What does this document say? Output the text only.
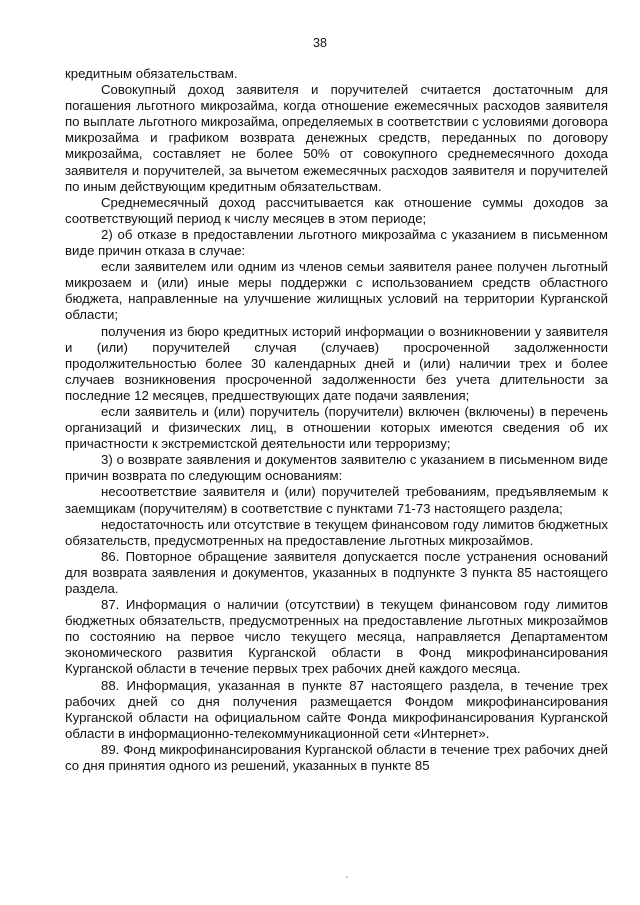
38

кредитным обязательствам.

Совокупный доход заявителя и поручителей считается достаточным для погашения льготного микрозайма, когда отношение ежемесячных расходов заявителя по выплате льготного микрозайма, определяемых в соответствии с условиями договора микрозайма и графиком возврата денежных средств, переданных по договору микрозайма, составляет не более 50% от совокупного среднемесячного дохода заявителя и поручителей, за вычетом ежемесячных расходов заявителя и поручителей по иным действующим кредитным обязательствам.

Среднемесячный доход рассчитывается как отношение суммы доходов за соответствующий период к числу месяцев в этом периоде;

2) об отказе в предоставлении льготного микрозайма с указанием в письменном виде причин отказа в случае:

если заявителем или одним из членов семьи заявителя ранее получен льготный микрозаем и (или) иные меры поддержки с использованием средств областного бюджета, направленные на улучшение жилищных условий на территории Курганской области;

получения из бюро кредитных историй информации о возникновении у заявителя и (или) поручителей случая (случаев) просроченной задолженности продолжительностью более 30 календарных дней и (или) наличии трех и более случаев возникновения просроченной задолженности без учета длительности за последние 12 месяцев, предшествующих дате подачи заявления;

если заявитель и (или) поручитель (поручители) включен (включены) в перечень организаций и физических лиц, в отношении которых имеются сведения об их причастности к экстремистской деятельности или терроризму;

3) о возврате заявления и документов заявителю с указанием в письменном виде причин возврата по следующим основаниям:

несоответствие заявителя и (или) поручителей требованиям, предъявляемым к заемщикам (поручителям) в соответствие с пунктами 71-73 настоящего раздела;

недостаточность или отсутствие в текущем финансовом году лимитов бюджетных обязательств, предусмотренных на предоставление льготных микрозаймов.

86. Повторное обращение заявителя допускается после устранения оснований для возврата заявления и документов, указанных в подпункте 3 пункта 85 настоящего раздела.

87. Информация о наличии (отсутствии) в текущем финансовом году лимитов бюджетных обязательств, предусмотренных на предоставление льготных микрозаймов по состоянию на первое число текущего месяца, направляется Департаментом экономического развития Курганской области в Фонд микрофинансирования Курганской области в течение первых трех рабочих дней каждого месяца.

88. Информация, указанная в пункте 87 настоящего раздела, в течение трех рабочих дней со дня получения размещается Фондом микрофинансирования Курганской области на официальном сайте Фонда микрофинансирования Курганской области в информационно-телекоммуникационной сети «Интернет».

89. Фонд микрофинансирования Курганской области в течение трех рабочих дней со дня принятия одного из решений, указанных в пункте 85
